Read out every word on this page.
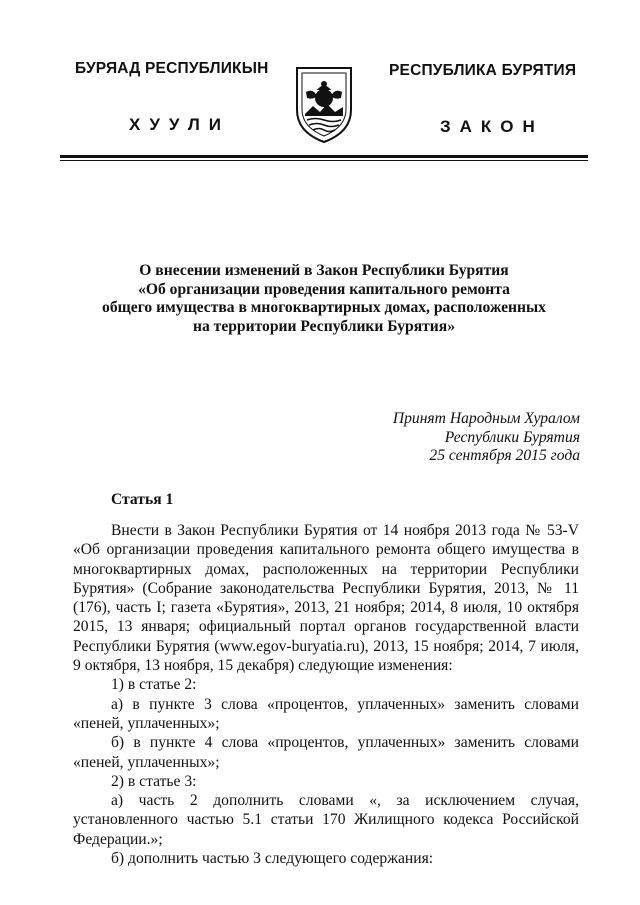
БУРЯАД РЕСПУБЛИКЫН	РЕСПУБЛИКА БУРЯТИЯ
ХУУЛИ	ЗАКОН
О внесении изменений в Закон Республики Бурятия
«Об организации проведения капитального ремонта
общего имущества в многоквартирных домах, расположенных
на территории Республики Бурятия»
Принят Народным Хуралом
Республики Бурятия
25 сентября 2015 года
Статья 1

Внести в Закон Республики Бурятия от 14 ноября 2013 года № 53-V «Об организации проведения капитального ремонта общего имущества в многоквартирных домах, расположенных на территории Республики Бурятия» (Собрание законодательства Республики Бурятия, 2013, № 11 (176), часть I; газета «Бурятия», 2013, 21 ноября; 2014, 8 июля, 10 октября 2015, 13 января; официальный портал органов государственной власти Республики Бурятия (www.egov-buryatia.ru), 2013, 15 ноября; 2014, 7 июля, 9 октября, 13 ноября, 15 декабря) следующие изменения:

1) в статье 2:

а) в пункте 3 слова «процентов, уплаченных» заменить словами «пеней, уплаченных»;

б) в пункте 4 слова «процентов, уплаченных» заменить словами «пеней, уплаченных»;

2) в статье 3:

а) часть 2 дополнить словами «, за исключением случая, установленного частью 5.1 статьи 170 Жилищного кодекса Российской Федерации.»;

б) дополнить частью 3 следующего содержания:
